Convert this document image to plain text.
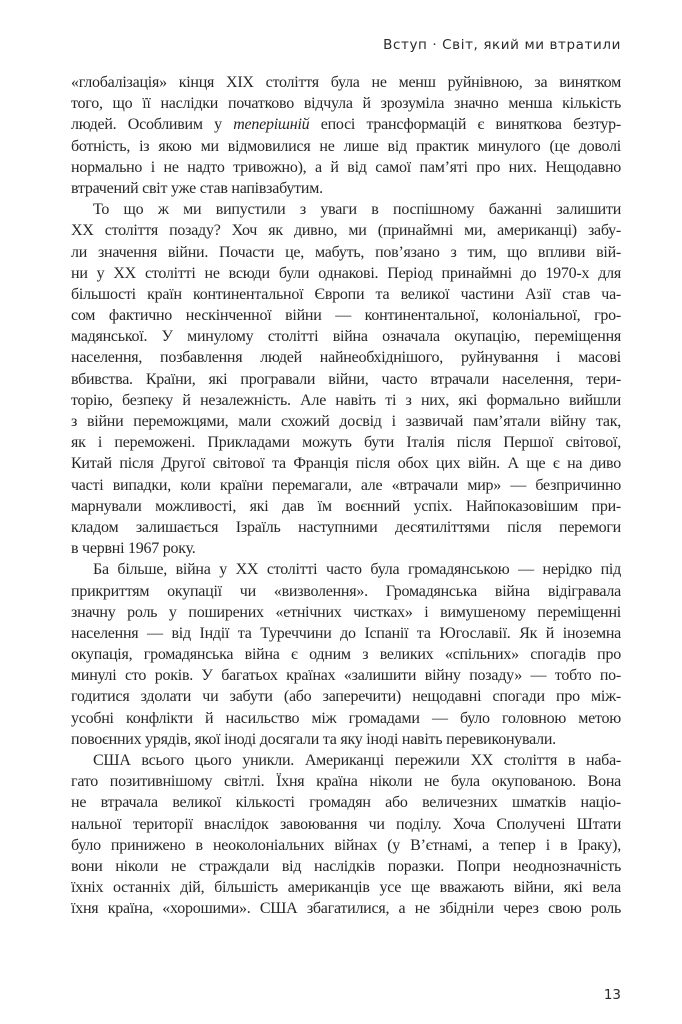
Вступ · Світ, який ми втратили
«глобалізація» кінця XIX століття була не менш руйнівною, за винятком
того, що її наслідки початково відчула й зрозуміла значно менша кількість
людей. Особливим у теперішній епосі трансформацій є виняткова безтур-
ботність, із якою ми відмовилися не лише від практик минулого (це доволі
нормально і не надто тривожно), а й від самої пам’яті про них. Нещодавно
втрачений світ уже став напівзабутим.
То що ж ми випустили з уваги в поспішному бажанні залишити
XX століття позаду? Хоч як дивно, ми (принаймні ми, американці) забу-
ли значення війни. Почасти це, мабуть, пов’язано з тим, що впливи вій-
ни у XX столітті не всюди були однакові. Період принаймні до 1970-х для
більшості країн континентальної Європи та великої частини Азії став ча-
сом фактично нескінченної війни — континентальної, колоніальної, гро-
мадянської. У минулому столітті війна означала окупацію, переміщення
населення, позбавлення людей найнеобхіднішого, руйнування і масові
вбивства. Країни, які програвали війни, часто втрачали населення, тери-
торію, безпеку й незалежність. Але навіть ті з них, які формально вийшли
з війни переможцями, мали схожий досвід і зазвичай пам’ятали війну так,
як і переможені. Прикладами можуть бути Італія після Першої світової,
Китай після Другої світової та Франція після обох цих війн. А ще є на диво
часті випадки, коли країни перемагали, але «втрачали мир» — безпричинно
марнували можливості, які дав їм воєнний успіх. Найпоказовішим при-
кладом залишається Ізраїль наступними десятиліттями після перемоги
в червні 1967 року.
Ба більше, війна у XX столітті часто була громадянською — нерідко під
прикриттям окупації чи «визволення». Громадянська війна відігравала
значну роль у поширених «етнічних чистках» і вимушеному переміщенні
населення — від Індії та Туреччини до Іспанії та Югославії. Як й іноземна
окупація, громадянська війна є одним з великих «спільних» спогадів про
минулі сто років. У багатьох країнах «залишити війну позаду» — тобто по-
годитися здолати чи забути (або заперечити) нещодавні спогади про між-
усобні конфлікти й насильство між громадами — було головною метою
повоєнних урядів, якої іноді досягали та яку іноді навіть перевиконували.
США всього цього уникли. Американці пережили XX століття в наба-
гато позитивнішому світлі. Їхня країна ніколи не була окупованою. Вона
не втрачала великої кількості громадян або величезних шматків націо-
нальної території внаслідок завоювання чи поділу. Хоча Сполучені Штати
було принижено в неоколоніальних війнах (у В’єтнамі, а тепер і в Іраку),
вони ніколи не страждали від наслідків поразки. Попри неоднозначність
їхніх останніх дій, більшість американців усе ще вважають війни, які вела
їхня країна, «хорошими». США збагатилися, а не збідніли через свою роль
13
